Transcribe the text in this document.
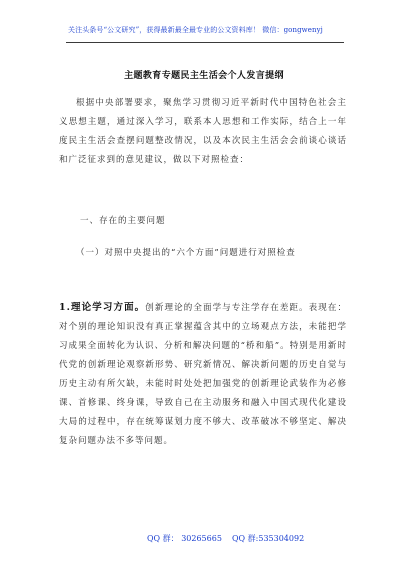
关注头条号“公文研究”，获得最新最全最专业的公文资料库！ 微信：gongwenyj
主题教育专题民主生活会个人发言提纲
根据中央部署要求，聚焦学习贯彻习近平新时代中国特色社会主义思想主题，通过深入学习，联系本人思想和工作实际，结合上一年度民主生活会查摆问题整改情况，以及本次民主生活会会前谈心谈话和广泛征求到的意见建议，做以下对照检查：
一、存在的主要问题
（一）对照中央提出的“六个方面”问题进行对照检查
1.理论学习方面。创新理论的全面学与专注学存在差距。表现在：对个别的理论知识没有真正掌握蕴含其中的立场观点方法，未能把学习成果全面转化为认识、分析和解决问题的“桥和船”。特别是用新时代党的创新理论观察新形势、研究新情况、解决新问题的历史自觉与历史主动有所欠缺，未能时时处处把加强党的创新理论武装作为必修课、首修课、终身课，导致自己在主动服务和融入中国式现代化建设大局的过程中，存在统筹谋划力度不够大、改革破冰不够坚定、解决复杂问题办法不多等问题。
QQ 群： 30265665 QQ 群:535304092
